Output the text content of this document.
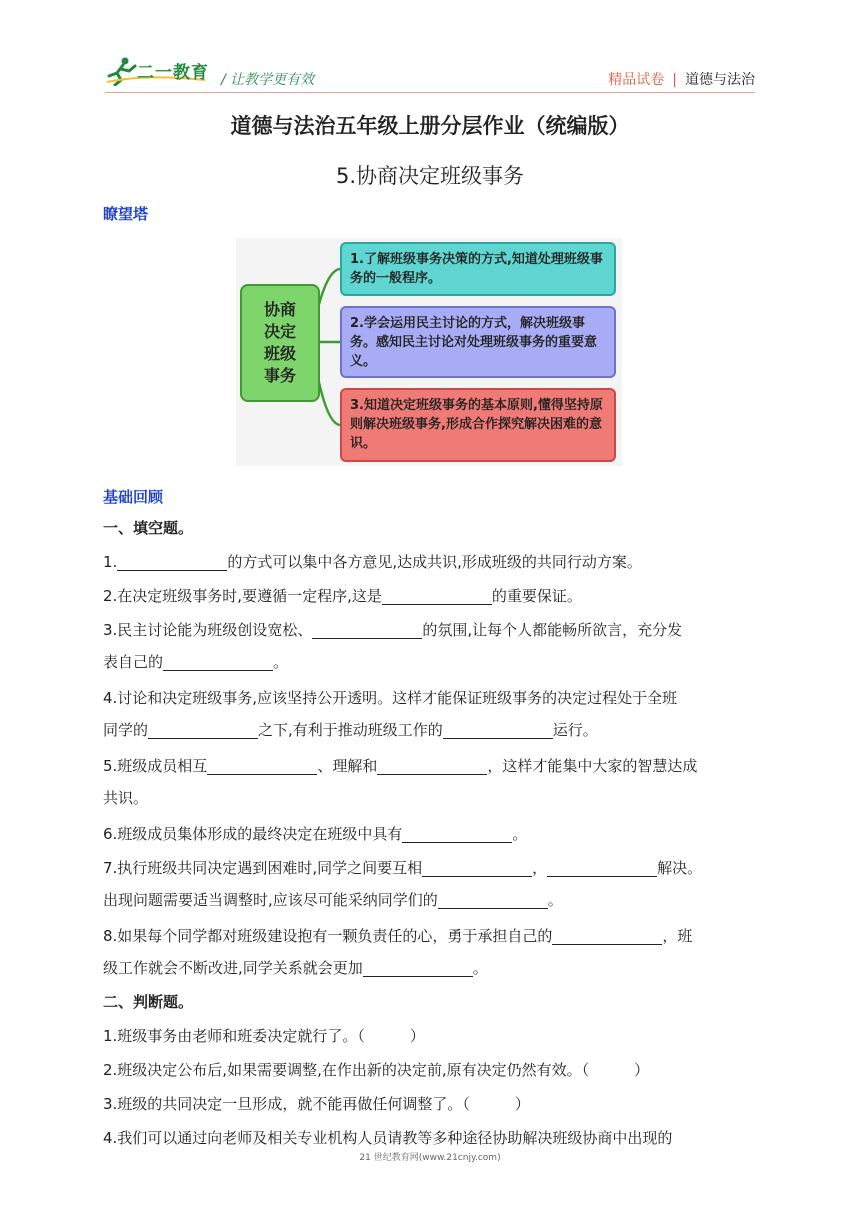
二一教育 / 让教学更有效	精品试卷 | 道德与法治
道德与法治五年级上册分层作业（统编版）
5.协商决定班级事务
瞭望塔
协商决定班级事务
1.了解班级事务决策的方式,知道处理班级事务的一般程序。
2.学会运用民主讨论的方式，解决班级事务。感知民主讨论对处理班级事务的重要意义。
3.知道决定班级事务的基本原则,懂得坚持原则解决班级事务,形成合作探究解决困难的意识。
基础回顾
一、填空题。
1.	的方式可以集中各方意见,达成共识,形成班级的共同行动方案。
2.在决定班级事务时,要遵循一定程序,这是	的重要保证。
3.民主讨论能为班级创设宽松、	的氛围,让每个人都能畅所欲言，充分发
表自己的	。
4.讨论和决定班级事务,应该坚持公开透明。这样才能保证班级事务的决定过程处于全班
同学的	之下,有利于推动班级工作的	运行。
5.班级成员相互	、理解和	，这样才能集中大家的智慧达成
共识。
6.班级成员集体形成的最终决定在班级中具有	。
7.执行班级共同决定遇到困难时,同学之间要互相	，	解决。
出现问题需要适当调整时,应该尽可能采纳同学们的	。
8.如果每个同学都对班级建设抱有一颗负责任的心，勇于承担自己的	，班
级工作就会不断改进,同学关系就会更加	。
二、判断题。
1.班级事务由老师和班委决定就行了。（　　　）
2.班级决定公布后,如果需要调整,在作出新的决定前,原有决定仍然有效。（　　　）
3.班级的共同决定一旦形成，就不能再做任何调整了。（　　　）
4.我们可以通过向老师及相关专业机构人员请教等多种途径协助解决班级协商中出现的
21 世纪教育网(www.21cnjy.com)
